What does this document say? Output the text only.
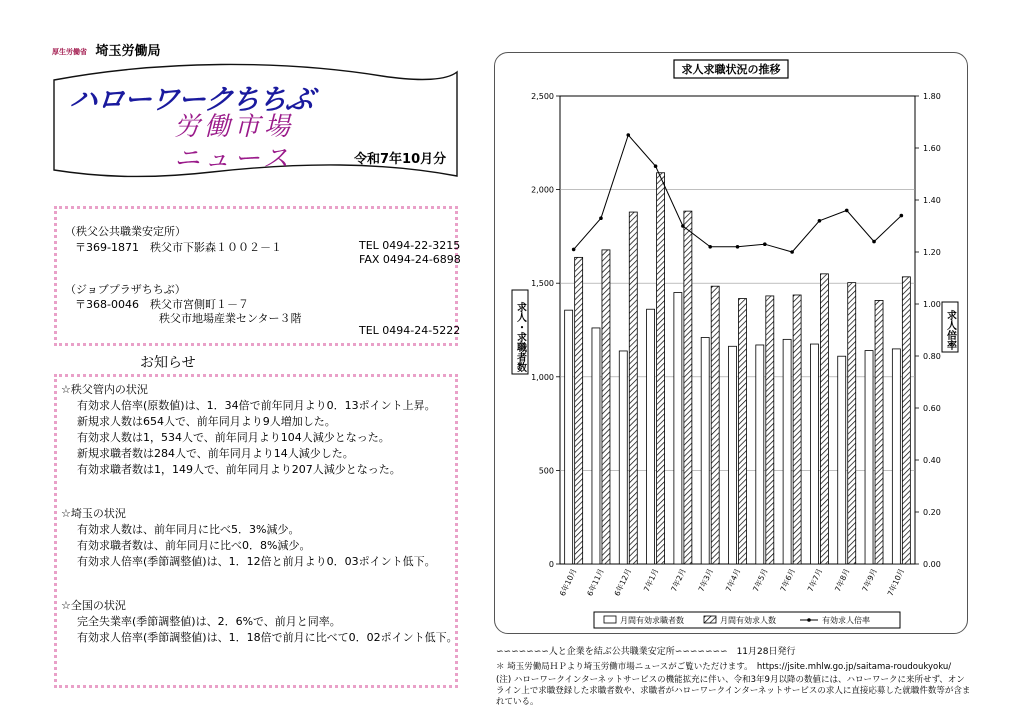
厚生労働省 埼玉労働局
ハローワークちちぶ
労働市場
ニュース	令和7年10月分
（秩父公共職業安定所）
〒369-1871　秩父市下影森１００２－１	TEL 0494-22-3215
FAX 0494-24-6898
（ジョブプラザちちぶ）
〒368-0046　秩父市宮側町１－７
秩父市地場産業センター３階
TEL 0494-24-5222
お知らせ
☆秩父管内の状況
有効求人倍率(原数値)は、1．34倍で前年同月より0．13ポイント上昇。
新規求人数は654人で、前年同月より9人増加した。
有効求人数は1，534人で、前年同月より104人減少となった。
新規求職者数は284人で、前年同月より14人減少した。
有効求職者数は1，149人で、前年同月より207人減少となった。
☆埼玉の状況
有効求人数は、前年同月に比べ5．3%減少。
有効求職者数は、前年同月に比べ0．8%減少。
有効求人倍率(季節調整値)は、1．12倍と前月より0．03ポイント低下。
☆全国の状況
完全失業率(季節調整値)は、2．6%で、前月と同率。
有効求人倍率(季節調整値)は、1．18倍で前月に比べて0．02ポイント低下。
求人求職状況の推移
0
500
1,000
1,500
2,000
2,500
0.00
0.20
0.40
0.60
0.80
1.00
1.20
1.40
1.60
1.80
6年10月 6年11月 6年12月 7年1月 7年2月 7年3月 7年4月 7年5月 7年6月 7年7月 7年8月 7年9月 7年10月
求人・求職者数	求人倍率
月間有効求職者数	月間有効求人数	有効求人倍率
∽∽∽∽∽∽∽人と企業を結ぶ公共職業安定所∽∽∽∽∽∽∽　11月28日発行
＊ 埼玉労働局ＨＰより埼玉労働市場ニュースがご覧いただけます。　https://jsite.mhlw.go.jp/saitama-roudoukyoku/
(注) ハローワークインターネットサービスの機能拡充に伴い、令和3年9月以降の数値には、ハローワークに来所せず、オンライン上で求職登録した求職者数や、求職者がハローワークインターネットサービスの求人に直接応募した就職件数等が含まれている。
